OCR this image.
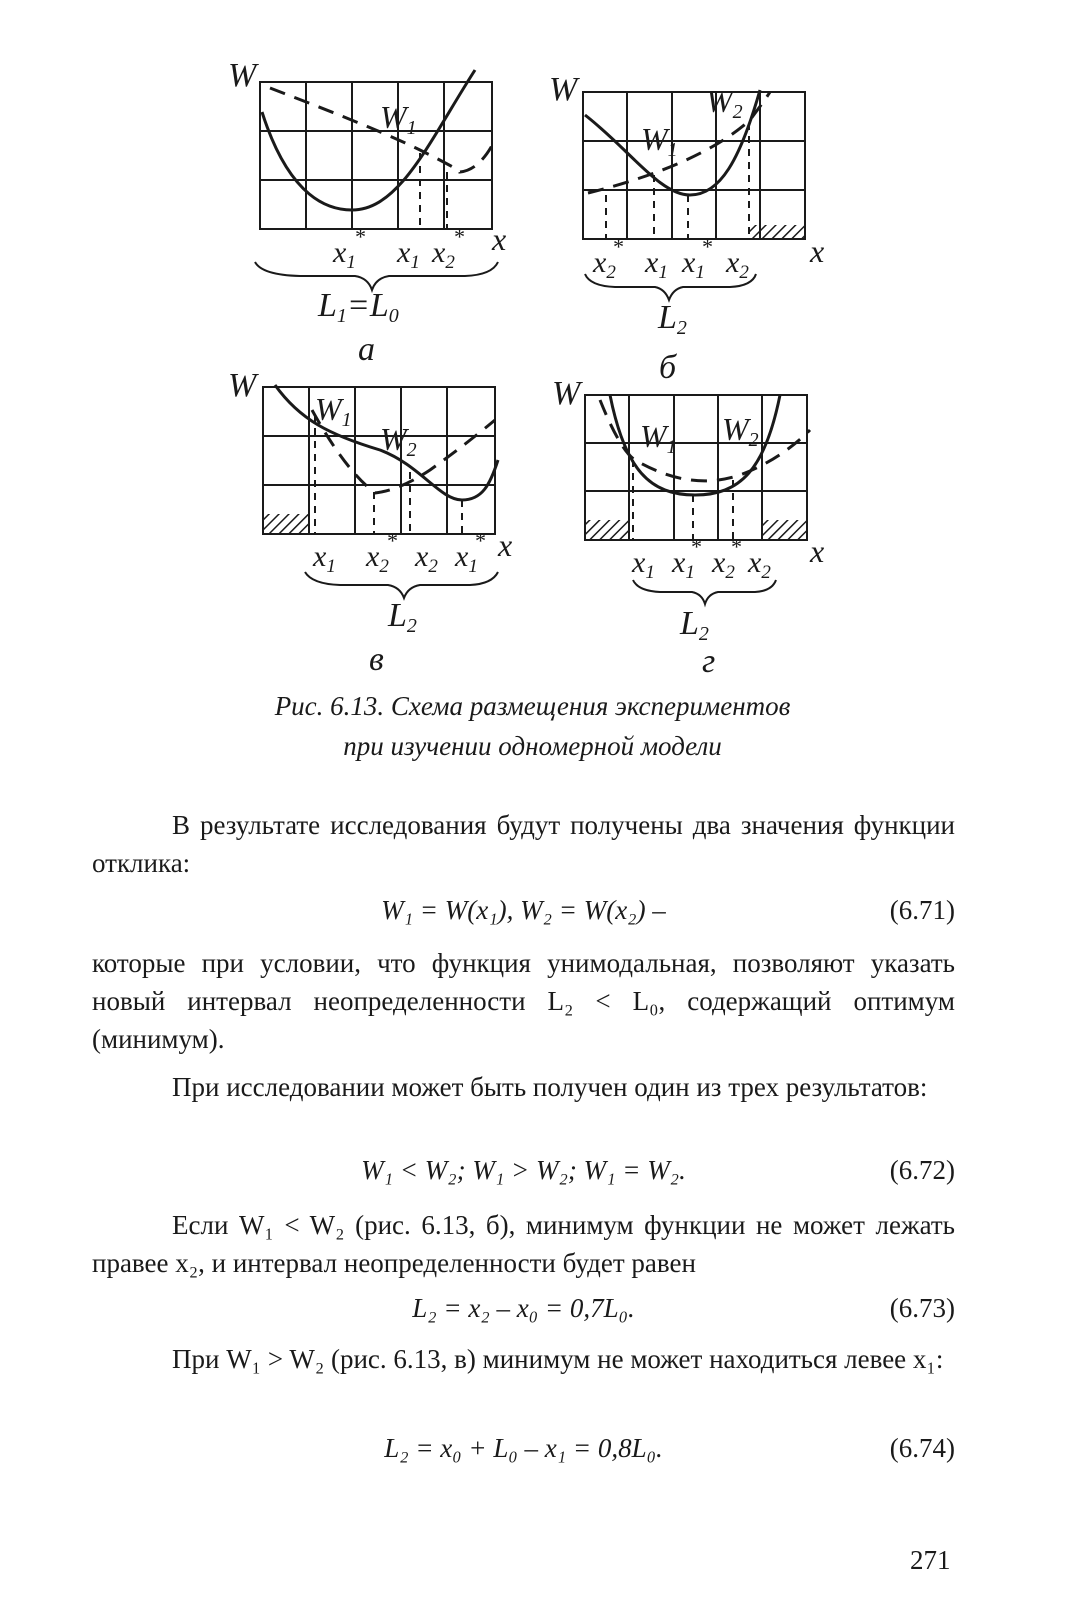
W
W1
$x_1$
* $x_1$ $x_2$
* x
L1=L0
а
W
W1
W2
$x_2$
* $x_1$ $x_1$
* $x_2$
x
L2
б
W
W1
W2
$x_1$ $x_2$
* $x_2$ $x_1$
* x
L2
в
W
W1 W2
$x_1$ $x_1$
* $x_2$
* $x_2$
x
L2
г
Рис. 6.13. Схема размещения экспериментов
при изучении одномерной модели
В результате исследования будут получены два значения функции отклика:
W₁ = W(x₁), W₂ = W(x₂) –	(6.71)
которые при условии, что функция унимодальная, позволяют указать новый интервал неопределенности L₂ < L₀, содержащий оптимум (минимум).
При исследовании может быть получен один из трех результатов:
W₁ < W₂; W₁ > W₂; W₁ = W₂.	(6.72)
Если W₁ < W₂ (рис. 6.13, б), минимум функции не может лежать правее x₂, и интервал неопределенности будет равен
L₂ = x₂ – x₀ = 0,7L₀.	(6.73)
При W₁ > W₂ (рис. 6.13, в) минимум не может находиться левее x₁:
L₂ = x₀ + L₀ – x₁ = 0,8L₀.	(6.74)
271
